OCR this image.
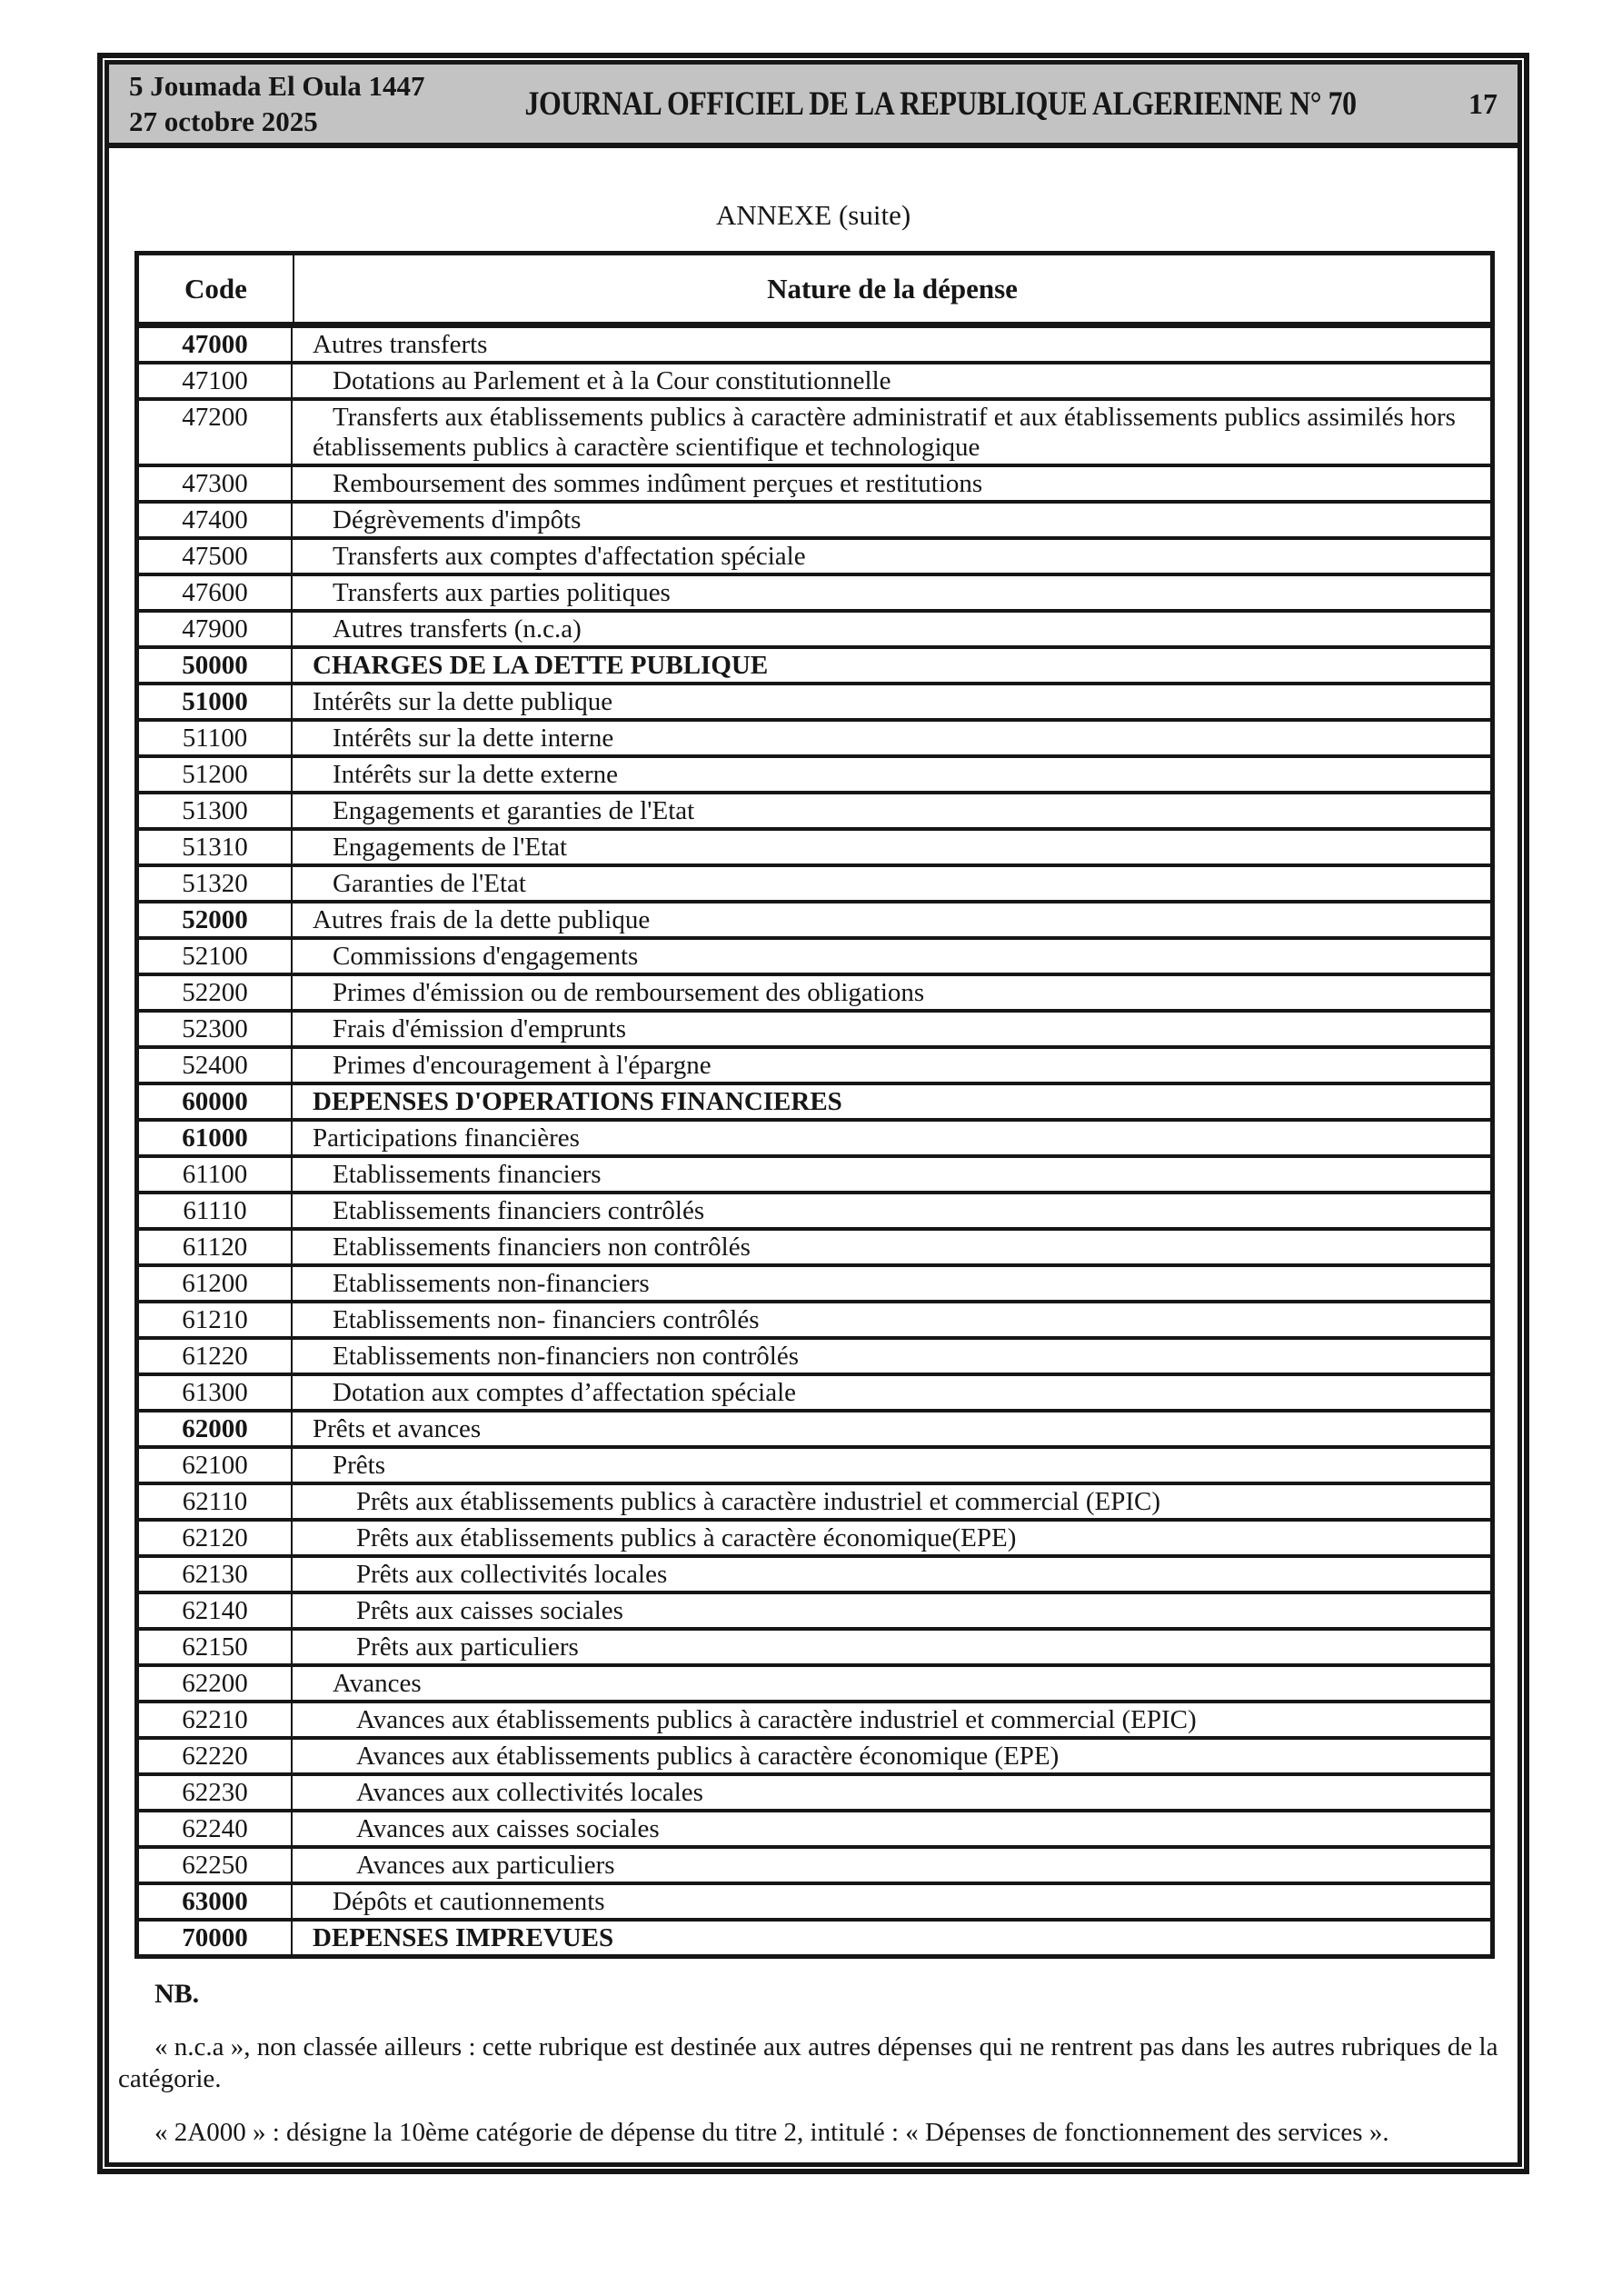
5 Joumada El Oula 1447
27 octobre 2025	JOURNAL OFFICIEL DE LA REPUBLIQUE ALGERIENNE N° 70	17
ANNEXE (suite)
Code	Nature de la dépense
47000	Autres transferts
47100	Dotations au Parlement et à la Cour constitutionnelle
47200	Transferts aux établissements publics à caractère administratif et aux établissements publics assimilés hors établissements publics à caractère scientifique et technologique
47300	Remboursement des sommes indûment perçues et restitutions
47400	Dégrèvements d'impôts
47500	Transferts aux comptes d'affectation spéciale
47600	Transferts aux parties politiques
47900	Autres transferts (n.c.a)
50000	CHARGES DE LA DETTE PUBLIQUE
51000	Intérêts sur la dette publique
51100	Intérêts sur la dette interne
51200	Intérêts sur la dette externe
51300	Engagements et garanties de l'Etat
51310	Engagements de l'Etat
51320	Garanties de l'Etat
52000	Autres frais de la dette publique
52100	Commissions d'engagements
52200	Primes d'émission ou de remboursement des obligations
52300	Frais d'émission d'emprunts
52400	Primes d'encouragement à l'épargne
60000	DEPENSES D'OPERATIONS FINANCIERES
61000	Participations financières
61100	Etablissements financiers
61110	Etablissements financiers contrôlés
61120	Etablissements financiers non contrôlés
61200	Etablissements non-financiers
61210	Etablissements non- financiers contrôlés
61220	Etablissements non-financiers non contrôlés
61300	Dotation aux comptes d’affectation spéciale
62000	Prêts et avances
62100	Prêts
62110	Prêts aux établissements publics à caractère industriel et commercial (EPIC)
62120	Prêts aux établissements publics à caractère économique(EPE)
62130	Prêts aux collectivités locales
62140	Prêts aux caisses sociales
62150	Prêts aux particuliers
62200	Avances
62210	Avances aux établissements publics à caractère industriel et commercial (EPIC)
62220	Avances aux établissements publics à caractère économique (EPE)
62230	Avances aux collectivités locales
62240	Avances aux caisses sociales
62250	Avances aux particuliers
63000	Dépôts et cautionnements
70000	DEPENSES IMPREVUES
NB.

« n.c.a », non classée ailleurs : cette rubrique est destinée aux autres dépenses qui ne rentrent pas dans les autres rubriques de la catégorie.

« 2A000 » : désigne la 10ème catégorie de dépense du titre 2, intitulé : « Dépenses de fonctionnement des services ».
